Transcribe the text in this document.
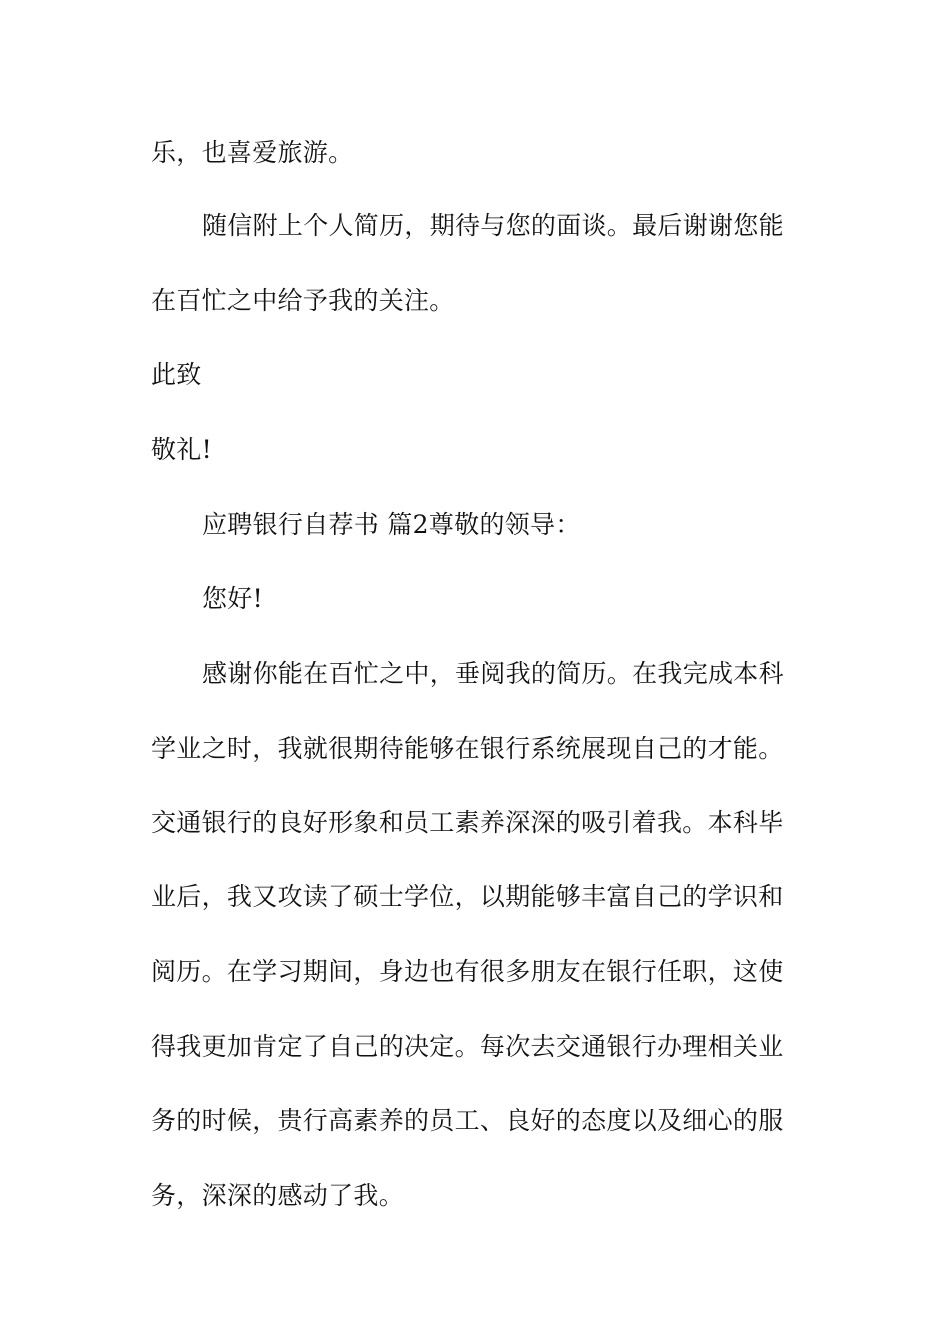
乐，也喜爱旅游。
随信附上个人简历，期待与您的面谈。最后谢谢您能
在百忙之中给予我的关注。
此致
敬礼!
应聘银行自荐书 篇2尊敬的领导：
您好!
感谢你能在百忙之中，垂阅我的简历。在我完成本科
学业之时，我就很期待能够在银行系统展现自己的才能。
交通银行的良好形象和员工素养深深的吸引着我。本科毕
业后，我又攻读了硕士学位，以期能够丰富自己的学识和
阅历。在学习期间，身边也有很多朋友在银行任职，这使
得我更加肯定了自己的决定。每次去交通银行办理相关业
务的时候，贵行高素养的员工、良好的态度以及细心的服
务，深深的感动了我。
